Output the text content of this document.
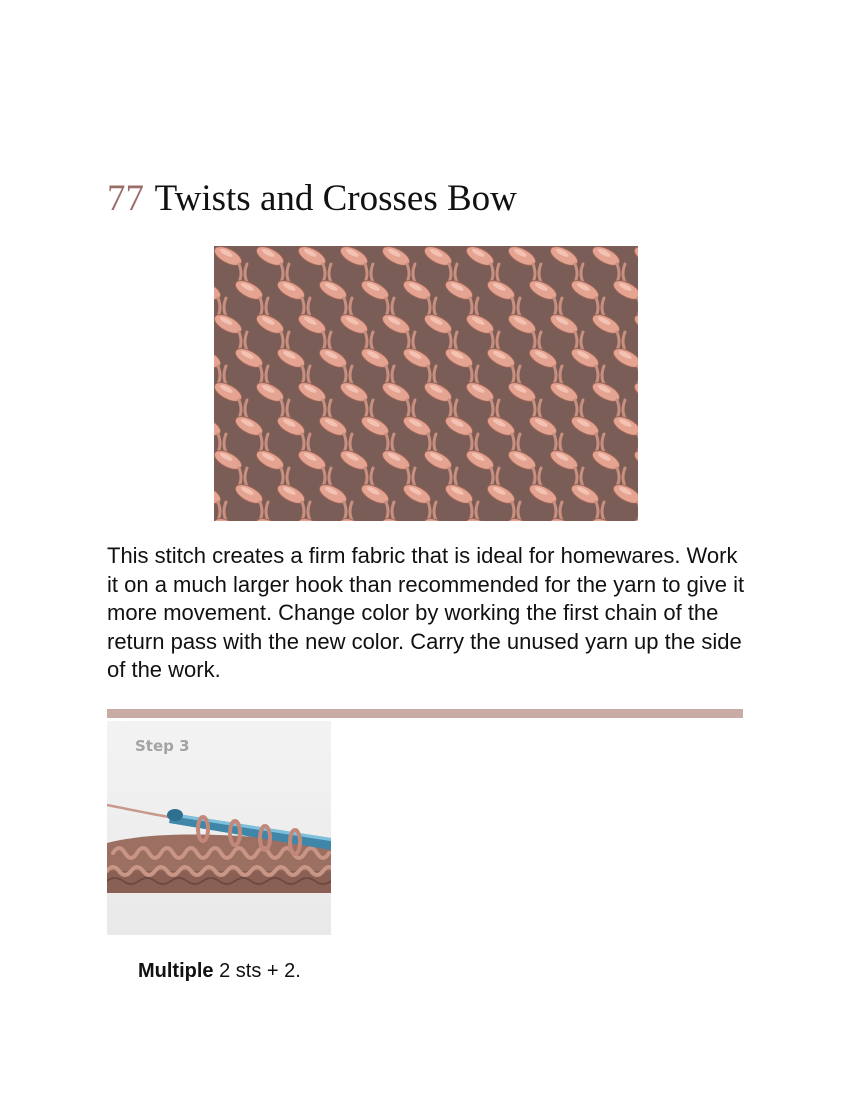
77 Twists and Crosses Bow

This stitch creates a firm fabric that is ideal for homewares. Work it on a much larger hook than recommended for the yarn to give it more movement. Change color by working the first chain of the return pass with the new color. Carry the unused yarn up the side of the work.

Step 3

Multiple 2 sts + 2.
